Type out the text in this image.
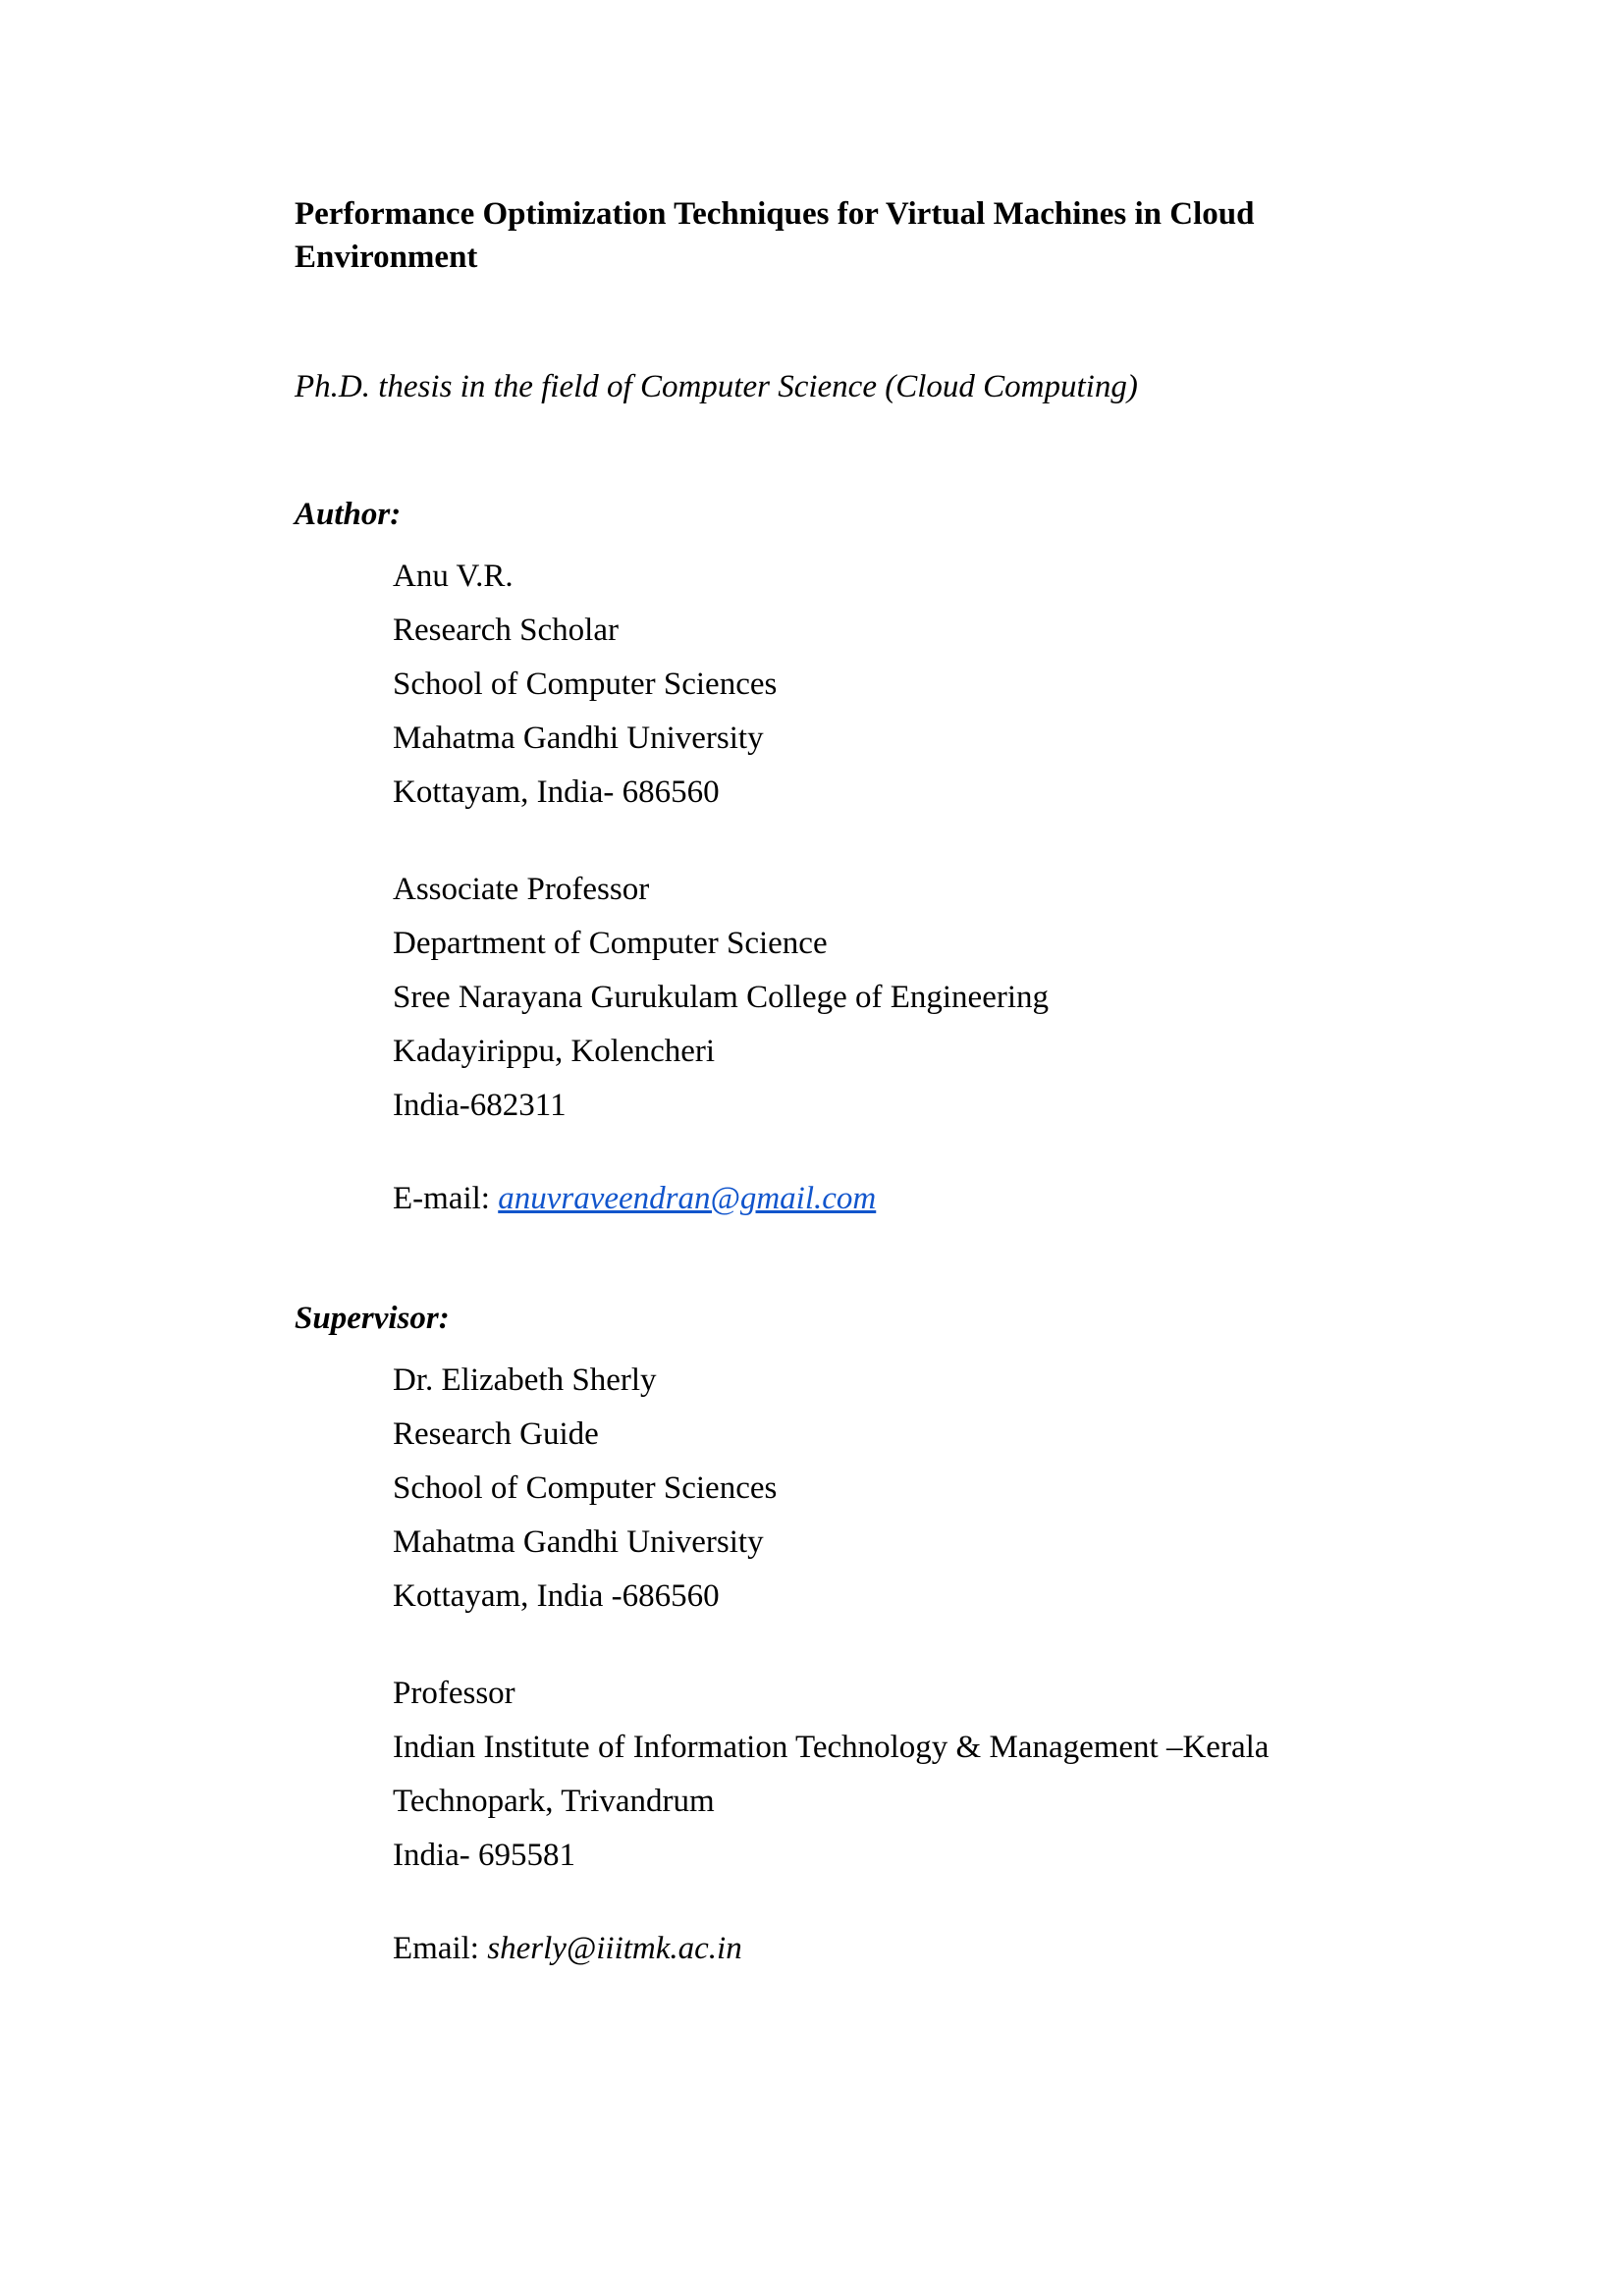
Performance Optimization Techniques for Virtual Machines in Cloud
Environment
Ph.D. thesis in the field of Computer Science (Cloud Computing)
Author:
Anu V.R.
Research Scholar
School of Computer Sciences
Mahatma Gandhi University
Kottayam, India- 686560
Associate Professor
Department of Computer Science
Sree Narayana Gurukulam College of Engineering
Kadayirippu, Kolencheri
India-682311
E-mail: anuvraveendran@gmail.com
Supervisor:
Dr. Elizabeth Sherly
Research Guide
School of Computer Sciences
Mahatma Gandhi University
Kottayam, India -686560
Professor
Indian Institute of Information Technology & Management –Kerala
Technopark, Trivandrum
India- 695581
Email: sherly@iiitmk.ac.in
